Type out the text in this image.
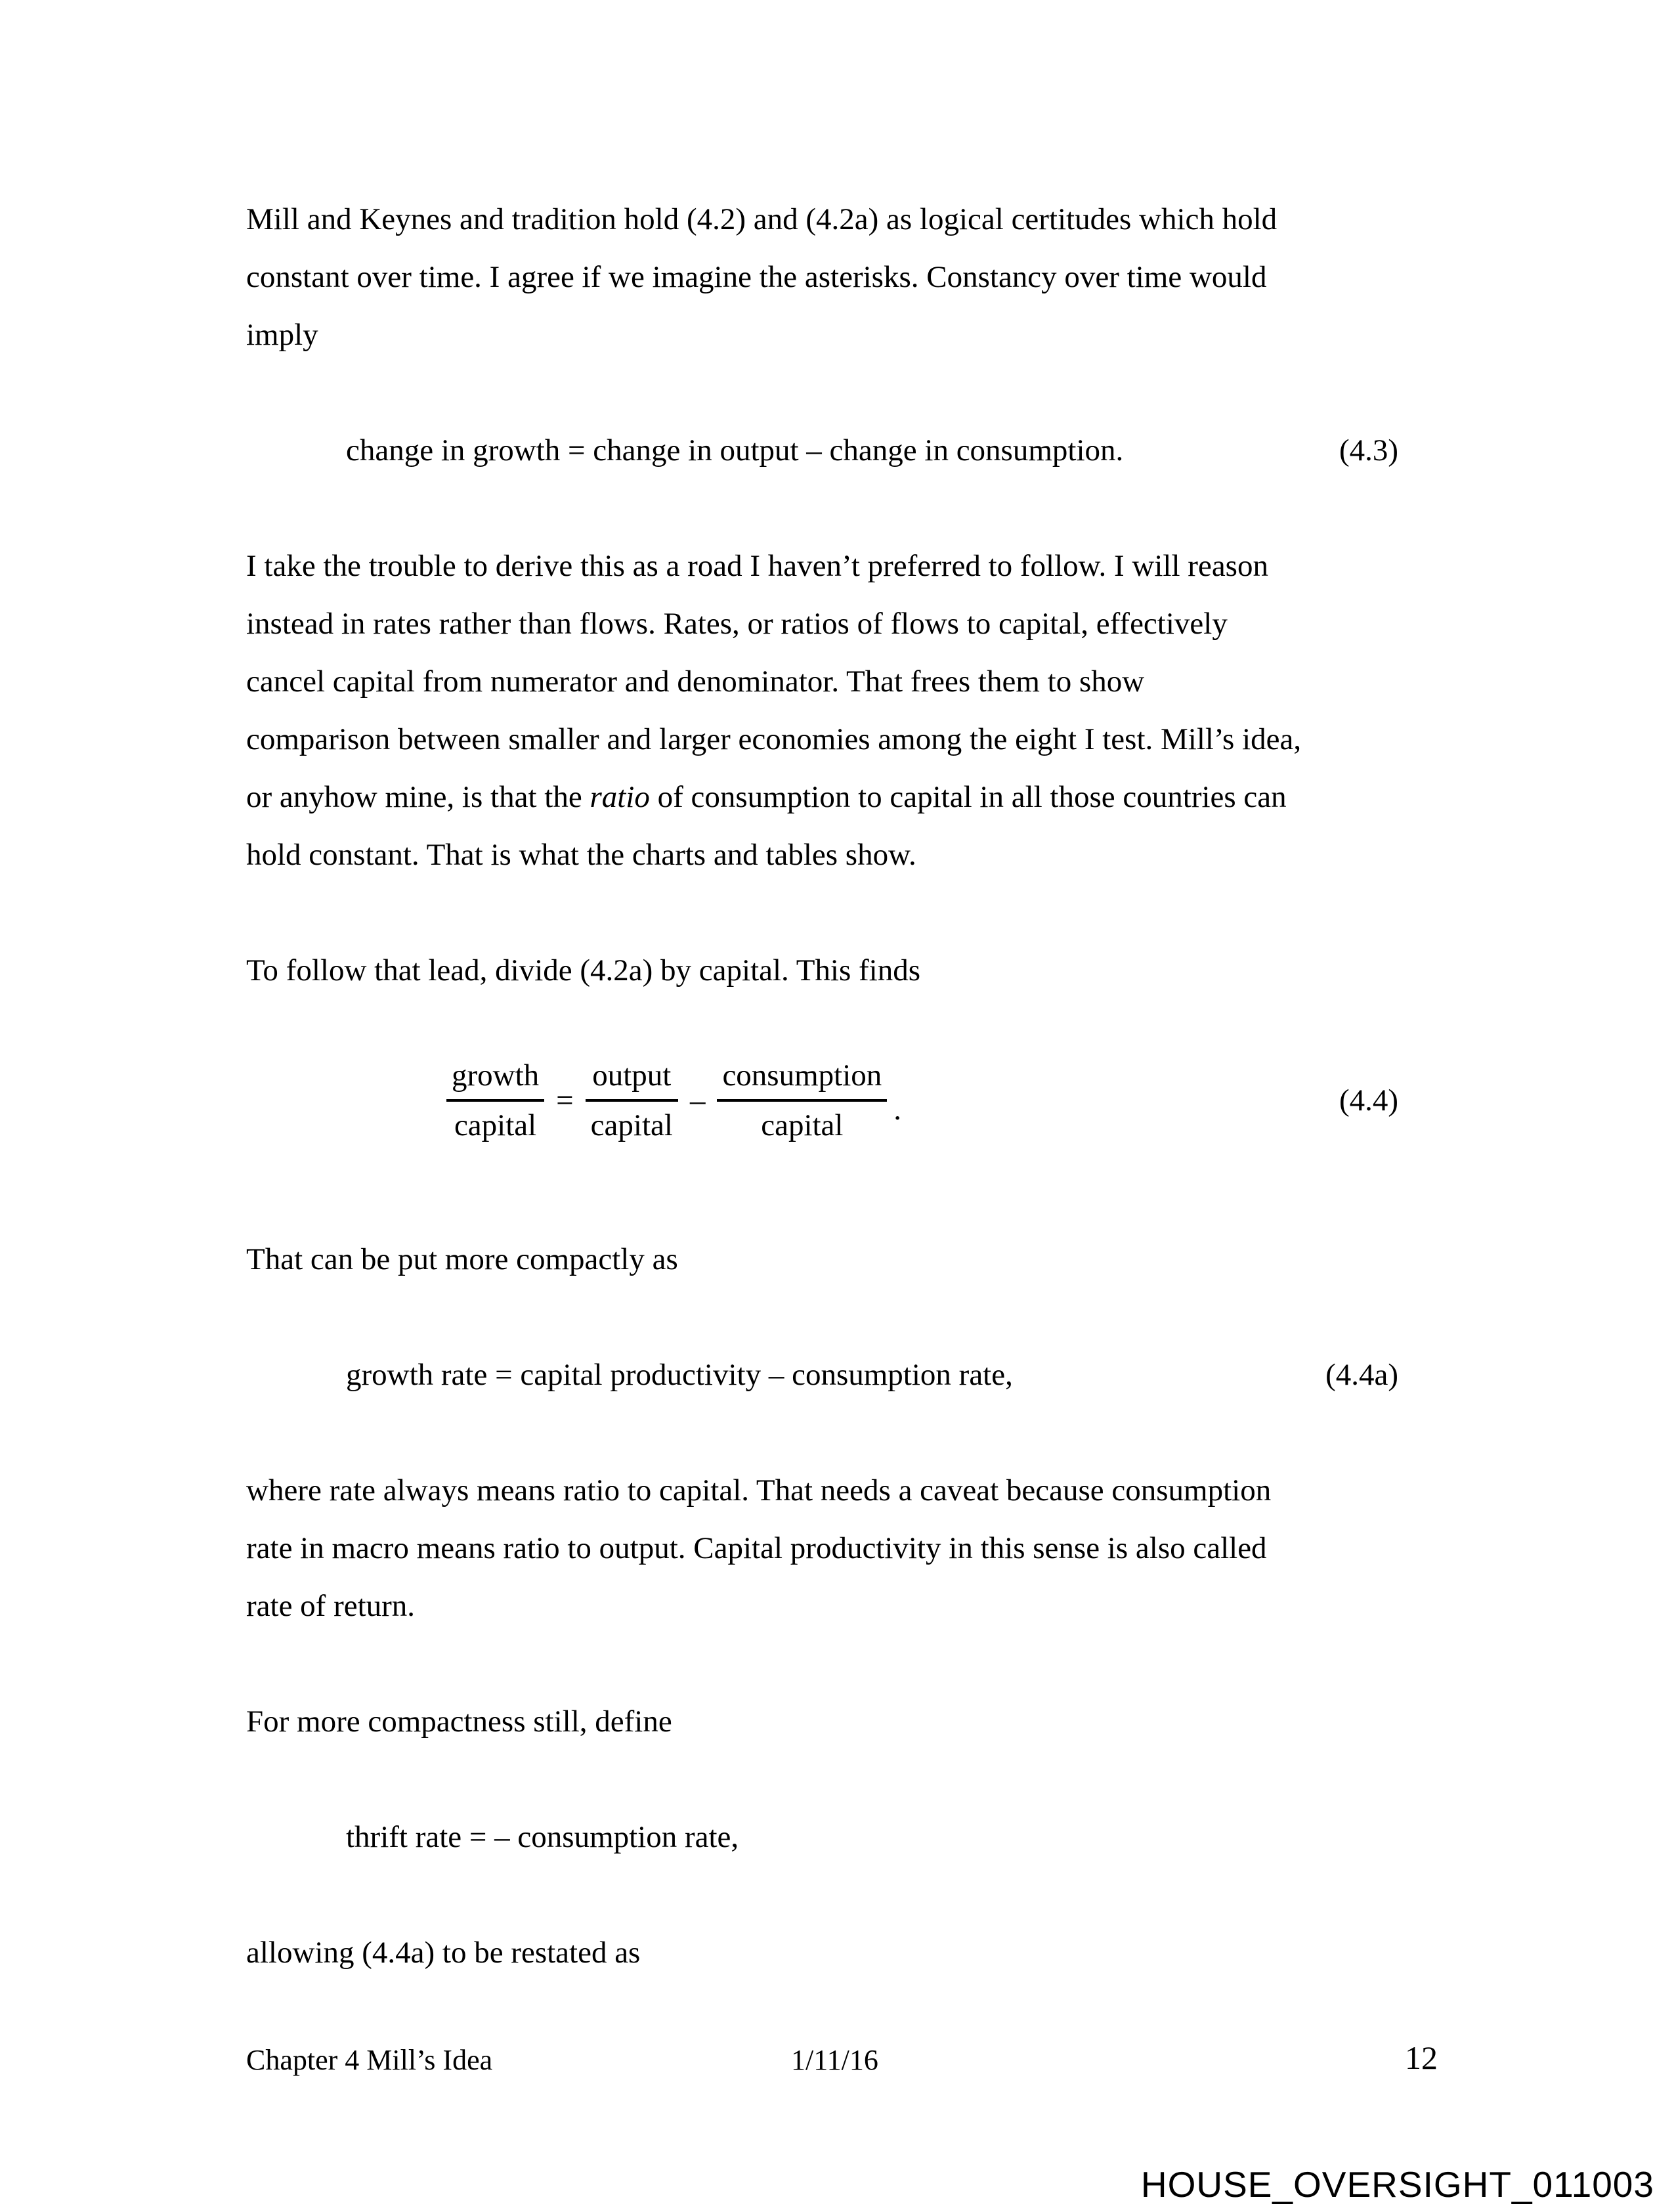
Mill and Keynes and tradition hold (4.2) and (4.2a) as logical certitudes which hold
constant over time. I agree if we imagine the asterisks. Constancy over time would
imply
change in growth = change in output – change in consumption.	(4.3)
I take the trouble to derive this as a road I haven’t preferred to follow. I will reason
instead in rates rather than flows. Rates, or ratios of flows to capital, effectively
cancel capital from numerator and denominator. That frees them to show
comparison between smaller and larger economies among the eight I test. Mill’s idea,
or anyhow mine, is that the ratio of consumption to capital in all those countries can
hold constant. That is what the charts and tables show.
To follow that lead, divide (4.2a) by capital. This finds
$\frac{\text{growth}}{\text{capital}} = \frac{\text{output}}{\text{capital}} - \frac{\text{consumption}}{\text{capital}}$ .	(4.4)
That can be put more compactly as
growth rate = capital productivity – consumption rate,	(4.4a)
where rate always means ratio to capital. That needs a caveat because consumption
rate in macro means ratio to output. Capital productivity in this sense is also called
rate of return.
For more compactness still, define
thrift rate = – consumption rate,
allowing (4.4a) to be restated as
Chapter 4 Mill’s Idea	1/11/16	12
HOUSE_OVERSIGHT_011003
